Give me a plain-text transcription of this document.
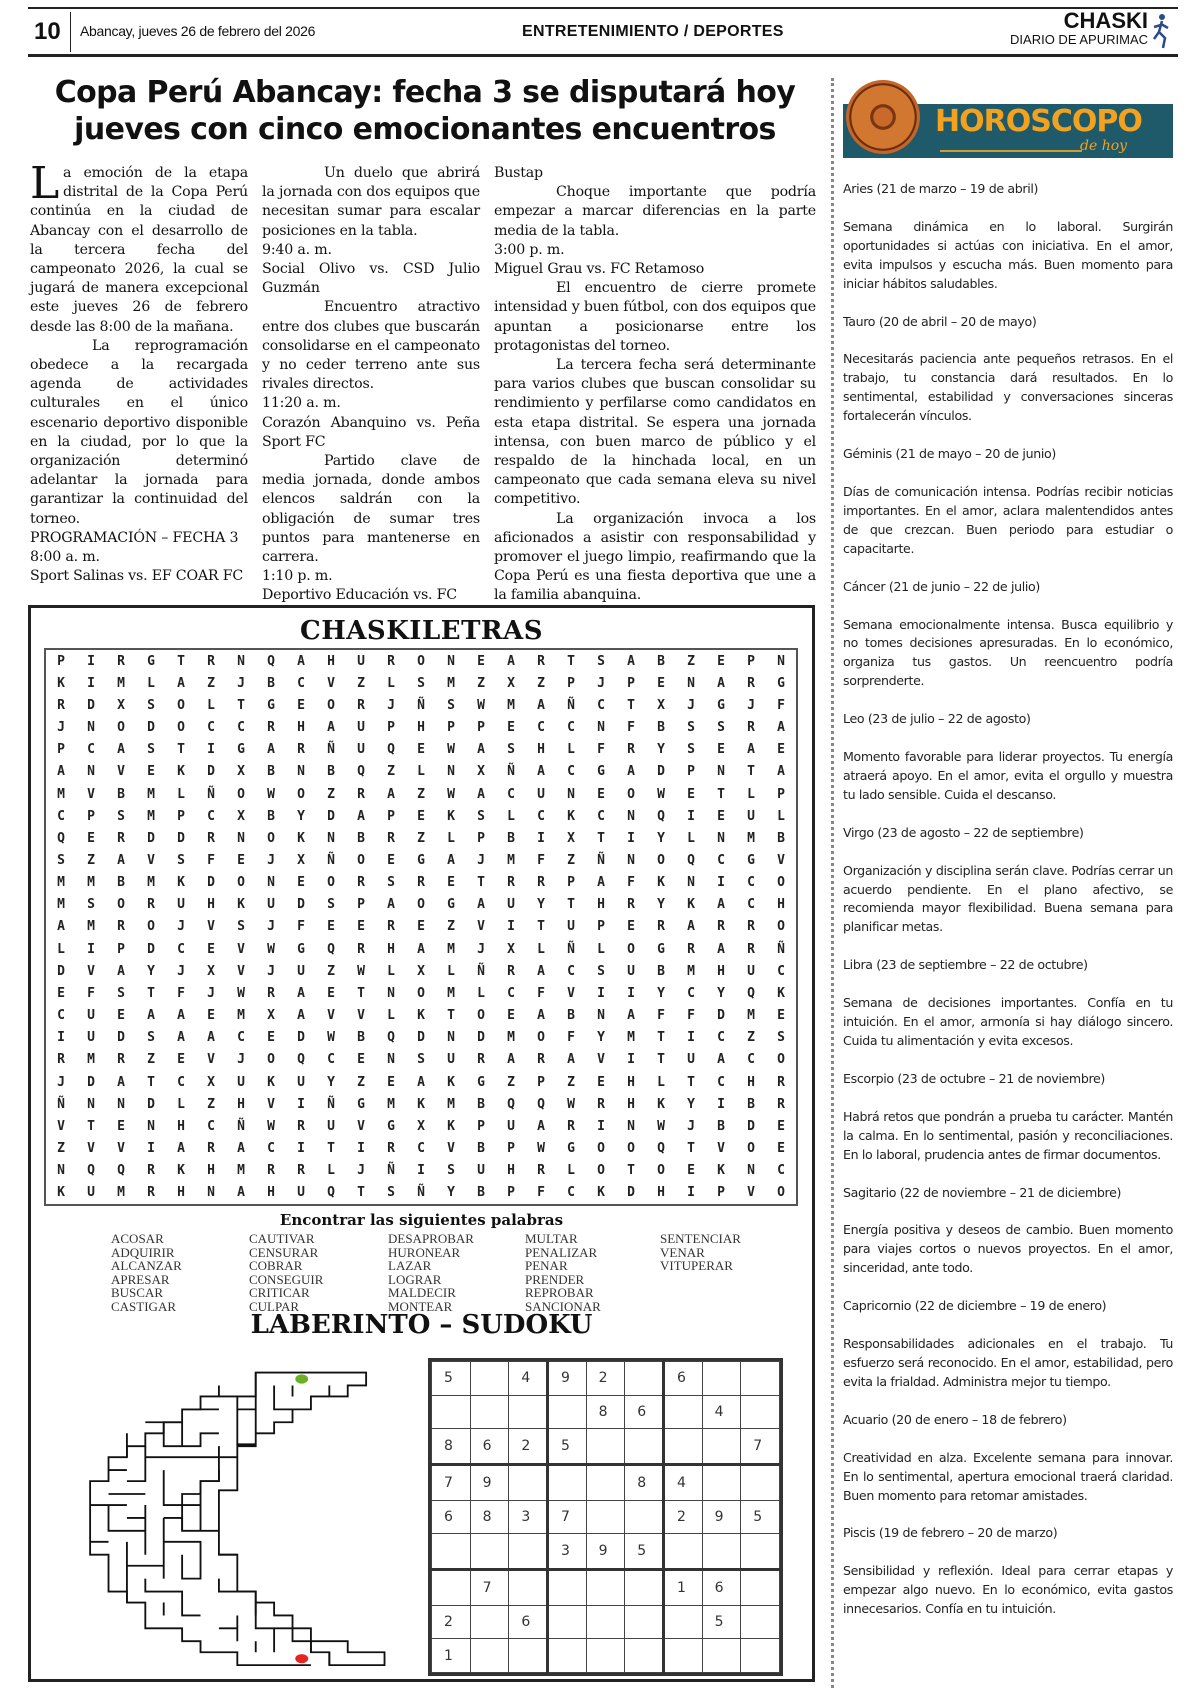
10 Abancay, jueves 26 de febrero del 2026	ENTRETENIMIENTO / DEPORTES	CHASKI
DIARIO DE APURIMAC
Copa Perú Abancay: fecha 3 se disputará hoy
jueves con cinco emocionantes encuentros

La emoción de la etapa distrital de la Copa Perú continúa en la ciudad de Abancay con el desarrollo de la tercera fecha del campeonato 2026, la cual se jugará de manera excepcional este jueves 26 de febrero desde las 8:00 de la mañana.

La reprogramación obedece a la recargada agenda de actividades culturales en el único escenario deportivo disponible en la ciudad, por lo que la organización determinó adelantar la jornada para garantizar la continuidad del torneo.

PROGRAMACIÓN – FECHA 3

8:00 a. m.

Sport Salinas vs. EF COAR FC

Un duelo que abrirá la jornada con dos equipos que necesitan sumar para escalar posiciones en la tabla.

9:40 a. m.

Social Olivo vs. CSD Julio Guzmán

Encuentro atractivo entre dos clubes que buscarán consolidarse en el campeonato y no ceder terreno ante sus rivales directos.

11:20 a. m.

Corazón Abanquino vs. Peña Sport FC

Partido clave de media jornada, donde ambos elencos saldrán con la obligación de sumar tres puntos para mantenerse en carrera.

1:10 p. m.

Deportivo Educación vs. FC

Bustap

Choque importante que podría empezar a marcar diferencias en la parte media de la tabla.

3:00 p. m.

Miguel Grau vs. FC Retamoso

El encuentro de cierre promete intensidad y buen fútbol, con dos equipos que apuntan a posicionarse entre los protagonistas del torneo.

La tercera fecha será determinante para varios clubes que buscan consolidar su rendimiento y perfilarse como candidatos en esta etapa distrital. Se espera una jornada intensa, con buen marco de público y el respaldo de la hinchada local, en un campeonato que cada semana eleva su nivel competitivo.

La organización invoca a los aficionados a asistir con responsabilidad y promover el juego limpio, reafirmando que la Copa Perú es una fiesta deportiva que une a la familia abanquina.

CHASKILETRAS
P	I	R	G	T	R	N	Q	A	H	U	R	O	N	E	A	R	T	S	A	B	Z	E	P	N
K	I	M	L	A	Z	J	B	C	V	Z	L	S	M	Z	X	Z	P	J	P	E	N	A	R	G
R	D	X	S	O	L	T	G	E	O	R	J	Ñ	S	W	M	A	Ñ	C	T	X	J	G	J	F
J	N	O	D	O	C	C	R	H	A	U	P	H	P	P	E	C	C	N	F	B	S	S	R	A
P	C	A	S	T	I	G	A	R	Ñ	U	Q	E	W	A	S	H	L	F	R	Y	S	E	A	E
A	N	V	E	K	D	X	B	N	B	Q	Z	L	N	X	Ñ	A	C	G	A	D	P	N	T	A
M	V	B	M	L	Ñ	O	W	O	Z	R	A	Z	W	A	C	U	N	E	O	W	E	T	L	P
C	P	S	M	P	C	X	B	Y	D	A	P	E	K	S	L	C	K	C	N	Q	I	E	U	L
Q	E	R	D	D	R	N	O	K	N	B	R	Z	L	P	B	I	X	T	I	Y	L	N	M	B
S	Z	A	V	S	F	E	J	X	Ñ	O	E	G	A	J	M	F	Z	Ñ	N	O	Q	C	G	V
M	M	B	M	K	D	O	N	E	O	R	S	R	E	T	R	R	P	A	F	K	N	I	C	O
M	S	O	R	U	H	K	U	D	S	P	A	O	G	A	U	Y	T	H	R	Y	K	A	C	H
A	M	R	O	J	V	S	J	F	E	E	R	E	Z	V	I	T	U	P	E	R	A	R	R	O
L	I	P	D	C	E	V	W	G	Q	R	H	A	M	J	X	L	Ñ	L	O	G	R	A	R	Ñ
D	V	A	Y	J	X	V	J	U	Z	W	L	X	L	Ñ	R	A	C	S	U	B	M	H	U	C
E	F	S	T	F	J	W	R	A	E	T	N	O	M	L	C	F	V	I	I	Y	C	Y	Q	K
C	U	E	A	A	E	M	X	A	V	V	L	K	T	O	E	A	B	N	A	F	F	D	M	E
I	U	D	S	A	A	C	E	D	W	B	Q	D	N	D	M	O	F	Y	M	T	I	C	Z	S
R	M	R	Z	E	V	J	O	Q	C	E	N	S	U	R	A	R	A	V	I	T	U	A	C	O
J	D	A	T	C	X	U	K	U	Y	Z	E	A	K	G	Z	P	Z	E	H	L	T	C	H	R
Ñ	N	N	D	L	Z	H	V	I	Ñ	G	M	K	M	B	Q	Q	W	R	H	K	Y	I	B	R
V	T	E	N	H	C	Ñ	W	R	U	V	G	X	K	P	U	A	R	I	N	W	J	B	D	E
Z	V	V	I	A	R	A	C	I	T	I	R	C	V	B	P	W	G	O	O	Q	T	V	O	E
N	Q	Q	R	K	H	M	R	R	L	J	Ñ	I	S	U	H	R	L	O	T	O	E	K	N	C
K	U	M	R	H	N	A	H	U	Q	T	S	Ñ	Y	B	P	F	C	K	D	H	I	P	V	O
Encontrar las siguientes palabras
ACOSAR
ADQUIRIR
ALCANZAR
APRESAR
BUSCAR
CASTIGAR
CAUTIVAR
CENSURAR
COBRAR
CONSEGUIR
CRITICAR
CULPAR
DESAPROBAR
HURONEAR
LAZAR
LOGRAR
MALDECIR
MONTEAR
MULTAR
PENALIZAR
PENAR
PRENDER
REPROBAR
SANCIONAR
SENTENCIAR
VENAR
VITUPERAR
LABERINTO – SUDOKU
5		4	9	2		6		
				8	6		4	
8	6	2	5					7
7	9				8	4		
6	8	3	7			2	9	5
			3	9	5			
	7					1	6	
2		6					5	
1								
HOROSCOPO
de hoy
Aries (21 de marzo – 19 de abril)
Semana dinámica en lo laboral. Surgirán oportunidades si actúas con iniciativa. En el amor, evita impulsos y escucha más. Buen momento para iniciar hábitos saludables.
Tauro (20 de abril – 20 de mayo)
Necesitarás paciencia ante pequeños retrasos. En el trabajo, tu constancia dará resultados. En lo sentimental, estabilidad y conversaciones sinceras fortalecerán vínculos.
Géminis (21 de mayo – 20 de junio)
Días de comunicación intensa. Podrías recibir noticias importantes. En el amor, aclara malentendidos antes de que crezcan. Buen periodo para estudiar o capacitarte.
Cáncer (21 de junio – 22 de julio)
Semana emocionalmente intensa. Busca equilibrio y no tomes decisiones apresuradas. En lo económico, organiza tus gastos. Un reencuentro podría sorprenderte.
Leo (23 de julio – 22 de agosto)
Momento favorable para liderar proyectos. Tu energía atraerá apoyo. En el amor, evita el orgullo y muestra tu lado sensible. Cuida el descanso.
Virgo (23 de agosto – 22 de septiembre)
Organización y disciplina serán clave. Podrías cerrar un acuerdo pendiente. En el plano afectivo, se recomienda mayor flexibilidad. Buena semana para planificar metas.
Libra (23 de septiembre – 22 de octubre)
Semana de decisiones importantes. Confía en tu intuición. En el amor, armonía si hay diálogo sincero. Cuida tu alimentación y evita excesos.
Escorpio (23 de octubre – 21 de noviembre)
Habrá retos que pondrán a prueba tu carácter. Mantén la calma. En lo sentimental, pasión y reconciliaciones. En lo laboral, prudencia antes de firmar documentos.
Sagitario (22 de noviembre – 21 de diciembre)
Energía positiva y deseos de cambio. Buen momento para viajes cortos o nuevos proyectos. En el amor, sinceridad, ante todo.
Capricornio (22 de diciembre – 19 de enero)
Responsabilidades adicionales en el trabajo. Tu esfuerzo será reconocido. En el amor, estabilidad, pero evita la frialdad. Administra mejor tu tiempo.
Acuario (20 de enero – 18 de febrero)
Creatividad en alza. Excelente semana para innovar. En lo sentimental, apertura emocional traerá claridad. Buen momento para retomar amistades.
Piscis (19 de febrero – 20 de marzo)
Sensibilidad y reflexión. Ideal para cerrar etapas y empezar algo nuevo. En lo económico, evita gastos innecesarios. Confía en tu intuición.
